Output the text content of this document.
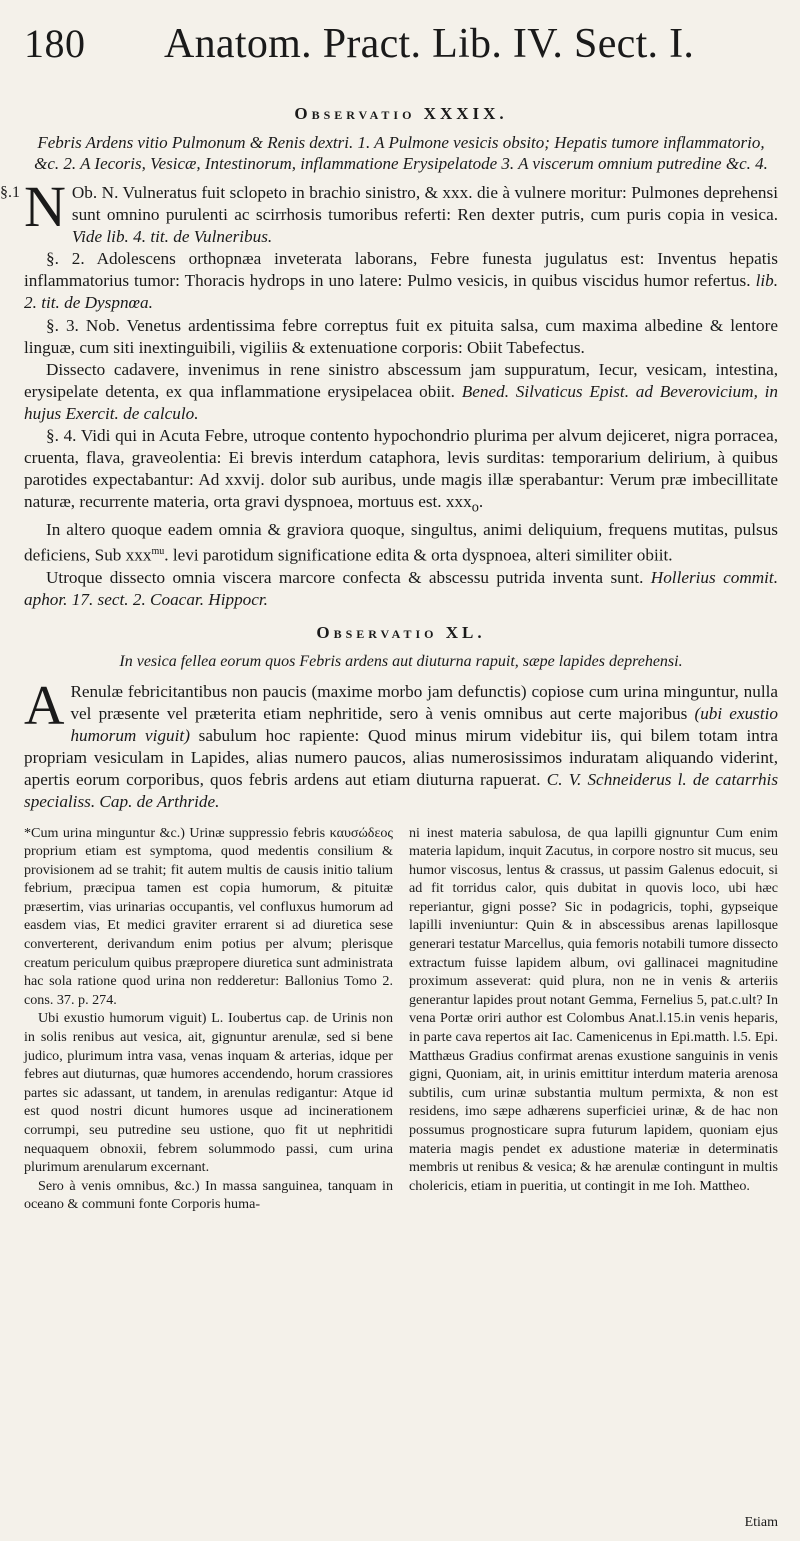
180 Anatom. Pract. Lib. IV. Sect. I.
Observatio XXXIX.
Febris Ardens vitio Pulmonum & Renis dextri. 1. A Pulmone vesicis obsito; Hepatis tumore inflammatorio, &c. 2. A Iecoris, Vesicæ, Intestinorum, inflammatione Erysipelatode 3. A viscerum omnium putredine &c. 4.

§.1 N Ob. N. Vulneratus fuit sclopeto in brachio sinistro, & xxx. die à vulnere moritur: Pulmones deprehensi sunt omnino purulenti ac scirrhosis tumoribus referti: Ren dexter putris, cum puris copia in vesica. Vide lib. 4. tit. de Vulneribus.

§. 2. Adolescens orthopnæa inveterata laborans, Febre funesta jugulatus est: Inventus hepatis inflammatorius tumor: Thoracis hydrops in uno latere: Pulmo vesicis, in quibus viscidus humor refertus. lib. 2. tit. de Dyspnœa.

§. 3. Nob. Venetus ardentissima febre correptus fuit ex pituita salsa, cum maxima albedine & lentore linguæ, cum siti inextinguibili, vigiliis & extenuatione corporis: Obiit Tabefectus.

Dissecto cadavere, invenimus in rene sinistro abscessum jam suppuratum, Iecur, vesicam, intestina, erysipelate detenta, ex qua inflammatione erysipelacea obiit. Bened. Silvaticus Epist. ad Beverovicium, in hujus Exercit. de calculo.

§. 4. Vidi qui in Acuta Febre, utroque contento hypochondrio plurima per alvum dejiceret, nigra porracea, cruenta, flava, graveolentia: Ei brevis interdum cataphora, levis surditas: temporarium delirium, à quibus parotides expectabantur: Ad xxvij. dolor sub auribus, unde magis illæ sperabantur: Verum præ imbecillitate naturæ, recurrente materia, orta gravi dyspnoea, mortuus est. xxx$_o$.

In altero quoque eadem omnia & graviora quoque, singultus, animi deliquium, frequens mutitas, pulsus deficiens, Sub xxx$^{mu}$. levi parotidum significatione edita & orta dyspnoea, alteri similiter obiit.

Utroque dissecto omnia viscera marcore confecta & abscessu putrida inventa sunt. Hollerius commit. aphor. 17. sect. 2. Coacar. Hippocr.

Observatio XL.
In vesica fellea eorum quos Febris ardens aut diuturna rapuit, sæpe lapides deprehensi.

A Renulæ febricitantibus non paucis (maxime morbo jam defunctis) copiose cum urina minguntur, nulla vel præsente vel præterita etiam nephritide, sero à venis omnibus aut certe majoribus (ubi exustio humorum viguit) sabulum hoc rapiente: Quod minus mirum videbitur iis, qui bilem totam intra propriam vesiculam in Lapides, alias numero paucos, alias numerosissimos induratam aliquando viderint, apertis eorum corporibus, quos febris ardens aut etiam diuturna rapuerat. C. V. Schneiderus l. de catarrhis specialiss. Cap. de Arthride.

*Cum urina minguntur &c.) Urinæ suppressio febris καυσώδεος proprium etiam est symptoma, quod medentis consilium & provisionem ad se trahit; fit autem multis de causis initio talium febrium, præcipua tamen est copia humorum, & pituitæ præsertim, vias urinarias occupantis, vel confluxus humorum ad easdem vias, Et medici graviter errarent si ad diuretica sese converterent, derivandum enim potius per alvum; plerisque creatum periculum quibus præpropere diuretica sunt administrata hac sola ratione quod urina non redderetur: Ballonius Tomo 2. cons. 37. p. 274.

Ubi exustio humorum viguit) L. Ioubertus cap. de Urinis non in solis renibus aut vesica, ait, gignuntur arenulæ, sed si bene judico, plurimum intra vasa, venas inquam & arterias, idque per febres aut diuturnas, quæ humores accendendo, horum crassiores partes sic adassant, ut tandem, in arenulas redigantur: Atque id est quod nostri dicunt humores usque ad incinerationem corrumpi, seu putredine seu ustione, quo fit ut nephritidi nequaquem obnoxii, febrem solummodo passi, cum urina plurimum arenularum excernant.

Sero à venis omnibus, &c.) In massa sanguinea, tanquam in oceano & communi fonte Corporis huma-

ni inest materia sabulosa, de qua lapilli gignuntur Cum enim materia lapidum, inquit Zacutus, in corpore nostro sit mucus, seu humor viscosus, lentus & crassus, ut passim Galenus edocuit, si ad fit torridus calor, quis dubitat in quovis loco, ubi hæc reperiantur, gigni posse? Sic in podagricis, tophi, gypseique lapilli inveniuntur: Quin & in abscessibus arenas lapillosque generari testatur Marcellus, quia femoris notabili tumore dissecto extractum fuisse lapidem album, ovi gallinacei magnitudine proximum asseverat: quid plura, non ne in venis & arteriis generantur lapides prout notant Gemma, Fernelius 5, pat.c.ult? In vena Portæ oriri author est Colombus Anat.l.15.in venis heparis, in parte cava repertos ait Iac. Camenicenus in Epi.matth. l.5. Epi. Matthæus Gradius confirmat arenas exustione sanguinis in venis gigni, Quoniam, ait, in urinis emittitur interdum materia arenosa subtilis, cum urinæ substantia multum permixta, & non est residens, imo sæpe adhærens superficiei urinæ, & de hac non possumus prognosticare supra futurum lapidem, quoniam ejus materia magis pendet ex adustione materiæ in determinatis membris ut renibus & vesica; & hæ arenulæ contingunt in multis cholericis, etiam in pueritia, ut contingit in me Ioh. Mattheo.

Etiam
